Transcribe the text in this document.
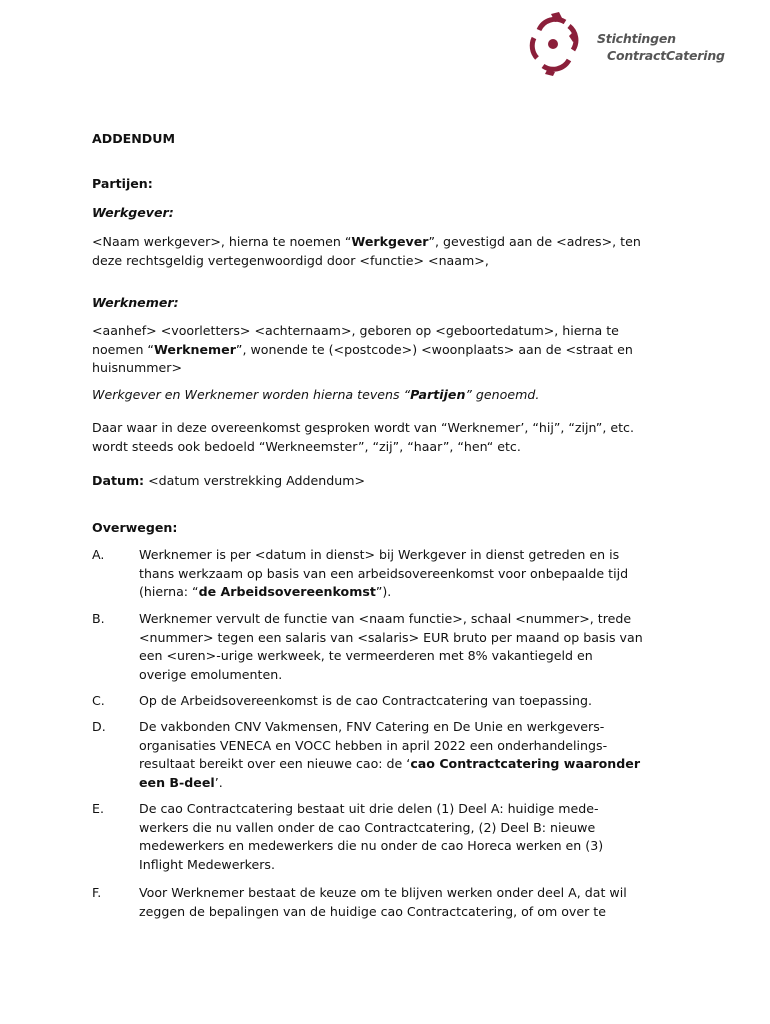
Stichtingen
ContractCatering

ADDENDUM

Partijen:

Werkgever:

<Naam werkgever>, hierna te noemen “Werkgever”, gevestigd aan de <adres>, ten

deze rechtsgeldig vertegenwoordigd door <functie> <naam>,

Werknemer:

<aanhef> <voorletters> <achternaam>, geboren op <geboortedatum>, hierna te

noemen “Werknemer”, wonende te (<postcode>) <woonplaats> aan de <straat en

huisnummer>

Werkgever en Werknemer worden hierna tevens “Partijen” genoemd.

Daar waar in deze overeenkomst gesproken wordt van “Werknemer’, “hij”, “zijn”, etc.

wordt steeds ook bedoeld “Werkneemster”, “zij”, “haar”, “hen“ etc.

Datum: <datum verstrekking Addendum>

Overwegen:

A.	Werknemer is per <datum in dienst> bij Werkgever in dienst getreden en is

thans werkzaam op basis van een arbeidsovereenkomst voor onbepaalde tijd

(hierna: “de Arbeidsovereenkomst”).

B.	Werknemer vervult de functie van <naam functie>, schaal <nummer>, trede

<nummer> tegen een salaris van <salaris> EUR bruto per maand op basis van

een <uren>-urige werkweek, te vermeerderen met 8% vakantiegeld en

overige emolumenten.

C.	Op de Arbeidsovereenkomst is de cao Contractcatering van toepassing.

D.	De vakbonden CNV Vakmensen, FNV Catering en De Unie en werkgevers-

organisaties VENECA en VOCC hebben in april 2022 een onderhandelings-

resultaat bereikt over een nieuwe cao: de ‘cao Contractcatering waaronder

een B-deel’.

E.	De cao Contractcatering bestaat uit drie delen (1) Deel A: huidige mede-

werkers die nu vallen onder de cao Contractcatering, (2) Deel B: nieuwe

medewerkers en medewerkers die nu onder de cao Horeca werken en (3)

Inflight Medewerkers.

F.	Voor Werknemer bestaat de keuze om te blijven werken onder deel A, dat wil

zeggen de bepalingen van de huidige cao Contractcatering, of om over te
